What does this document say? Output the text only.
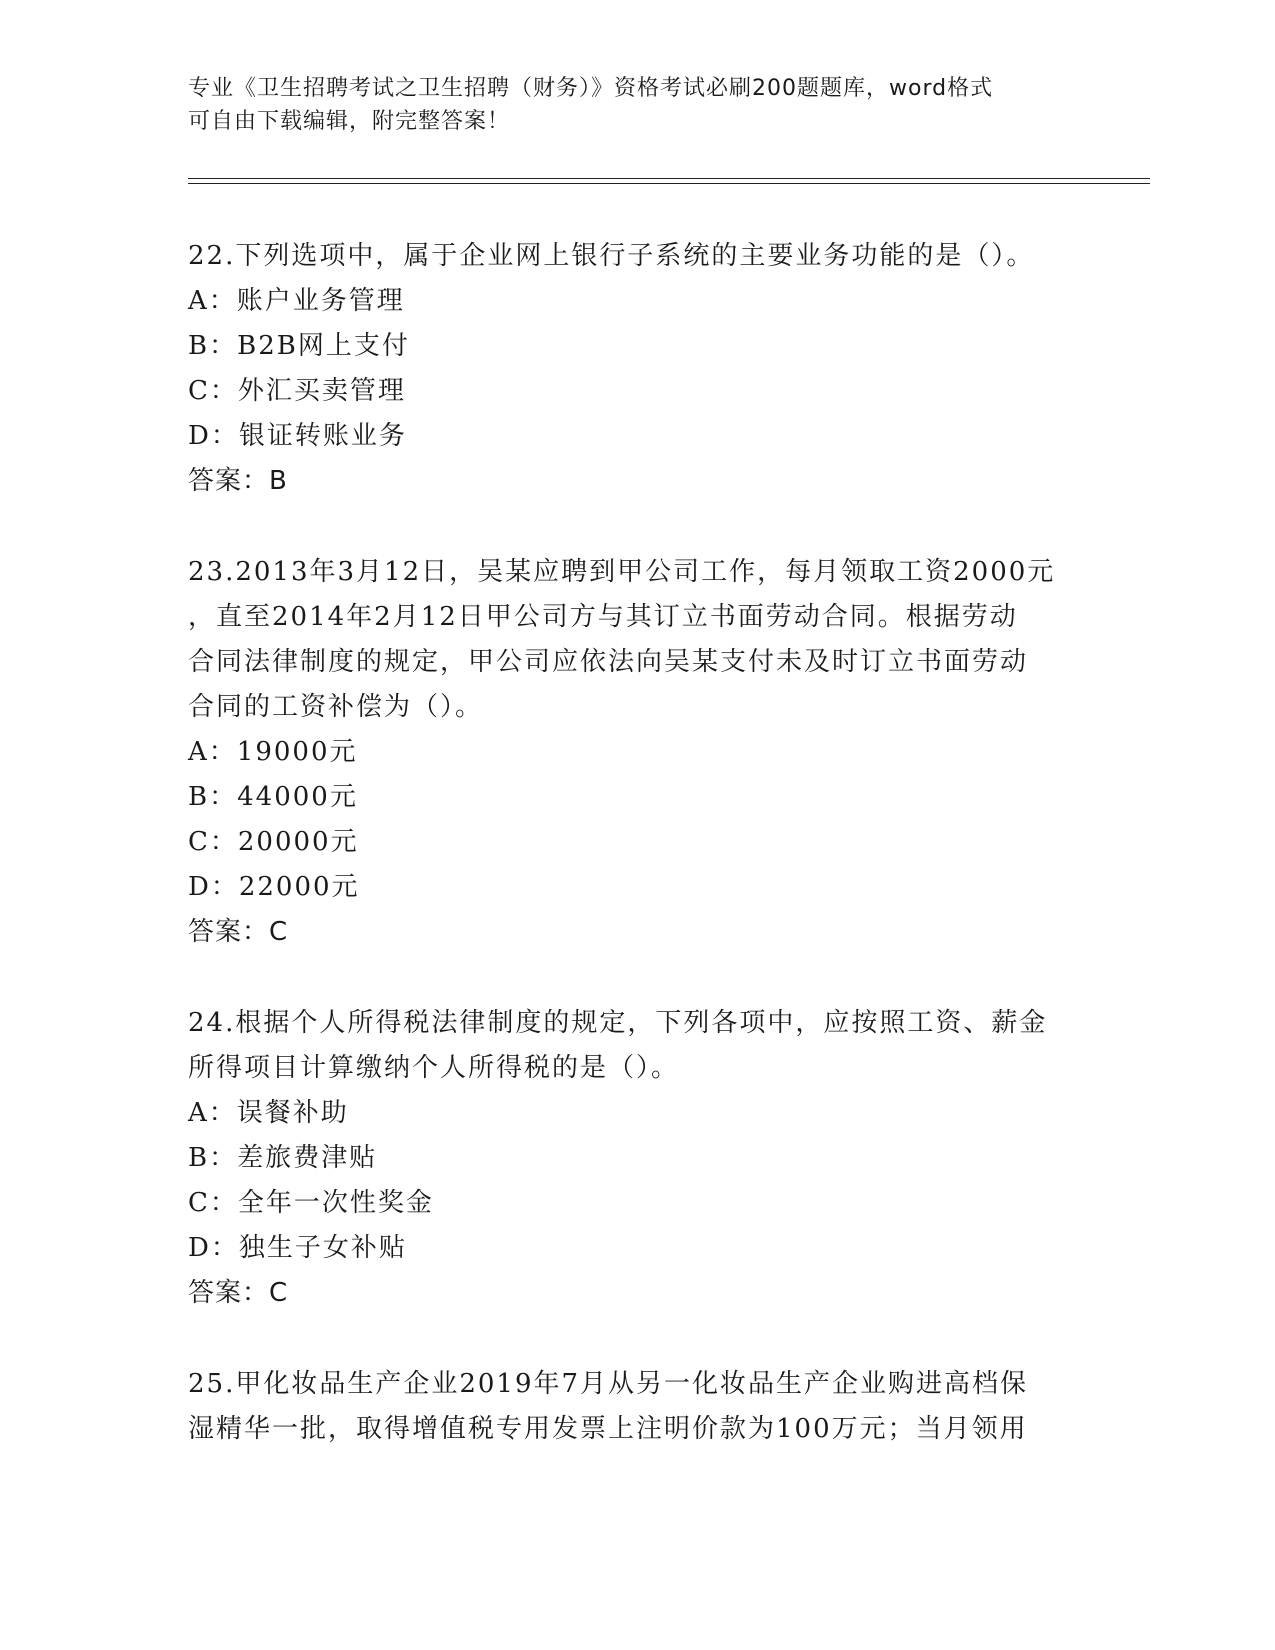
专业《卫生招聘考试之卫生招聘（财务）》资格考试必刷200题题库，word格式
可自由下载编辑，附完整答案！
22.下列选项中，属于企业网上银行子系统的主要业务功能的是（）。
A：账户业务管理
B：B2B网上支付
C：外汇买卖管理
D：银证转账业务
答案：B
23.2013年3月12日，吴某应聘到甲公司工作，每月领取工资2000元
，直至2014年2月12日甲公司方与其订立书面劳动合同。根据劳动
合同法律制度的规定，甲公司应依法向吴某支付未及时订立书面劳动
合同的工资补偿为（）。
A：19000元
B：44000元
C：20000元
D：22000元
答案：C
24.根据个人所得税法律制度的规定，下列各项中，应按照工资、薪金
所得项目计算缴纳个人所得税的是（）。
A：误餐补助
B：差旅费津贴
C：全年一次性奖金
D：独生子女补贴
答案：C
25.甲化妆品生产企业2019年7月从另一化妆品生产企业购进高档保
湿精华一批，取得增值税专用发票上注明价款为100万元；当月领用
